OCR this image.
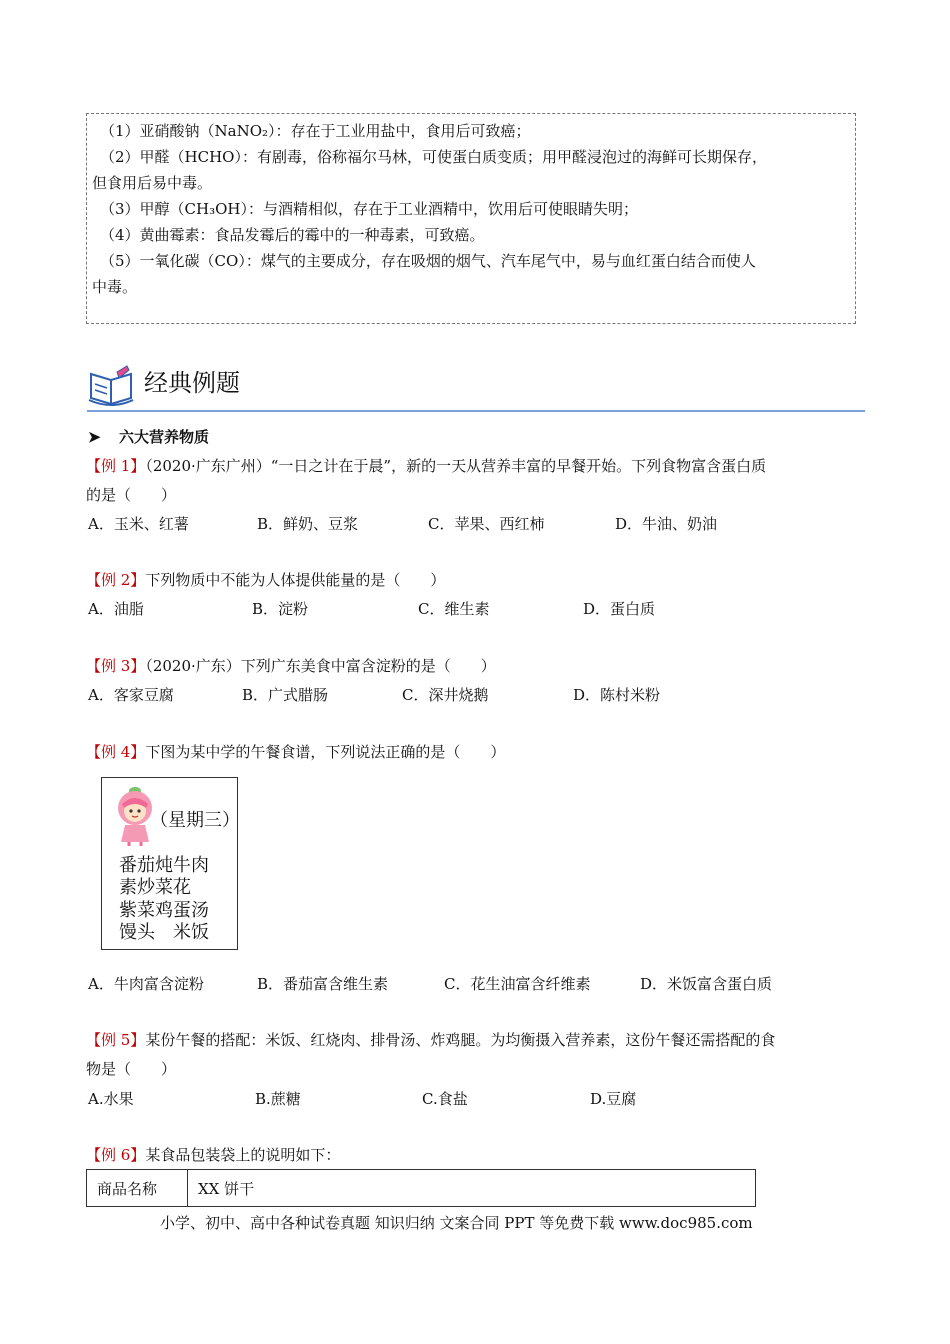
（1）亚硝酸钠（NaNO₂）：存在于工业用盐中，食用后可致癌；
（2）甲醛（HCHO）：有剧毒，俗称福尔马林，可使蛋白质变质；用甲醛浸泡过的海鲜可长期保存，
但食用后易中毒。
（3）甲醇（CH₃OH）：与酒精相似，存在于工业酒精中，饮用后可使眼睛失明；
（4）黄曲霉素：食品发霉后的霉中的一种毒素，可致癌。
（5）一氧化碳（CO）：煤气的主要成分，存在吸烟的烟气、汽车尾气中，易与血红蛋白结合而使人
中毒。
经典例题
➤ 六大营养物质
【例 1】（2020·广东广州）“一日之计在于晨”，新的一天从营养丰富的早餐开始。下列食物富含蛋白质
的是（　　）
A．玉米、红薯	B．鲜奶、豆浆	C．苹果、西红柿	D．牛油、奶油
【例 2】下列物质中不能为人体提供能量的是（　　）
A．油脂	B．淀粉	C．维生素	D．蛋白质
【例 3】（2020·广东）下列广东美食中富含淀粉的是（　　）
A．客家豆腐	B．广式腊肠	C．深井烧鹅	D．陈村米粉
【例 4】下图为某中学的午餐食谱，下列说法正确的是（　　）
（星期三）
番茄炖牛肉
素炒菜花
紫菜鸡蛋汤
馒头　米饭
A．牛肉富含淀粉	B．番茄富含维生素	C．花生油富含纤维素	D．米饭富含蛋白质
【例 5】某份午餐的搭配：米饭、红烧肉、排骨汤、炸鸡腿。为均衡摄入营养素，这份午餐还需搭配的食
物是（　　）
A.水果	B.蔗糖	C.食盐	D.豆腐
【例 6】某食品包装袋上的说明如下：
商品名称	XX 饼干
小学、初中、高中各种试卷真题 知识归纳 文案合同 PPT 等免费下载 www.doc985.com
